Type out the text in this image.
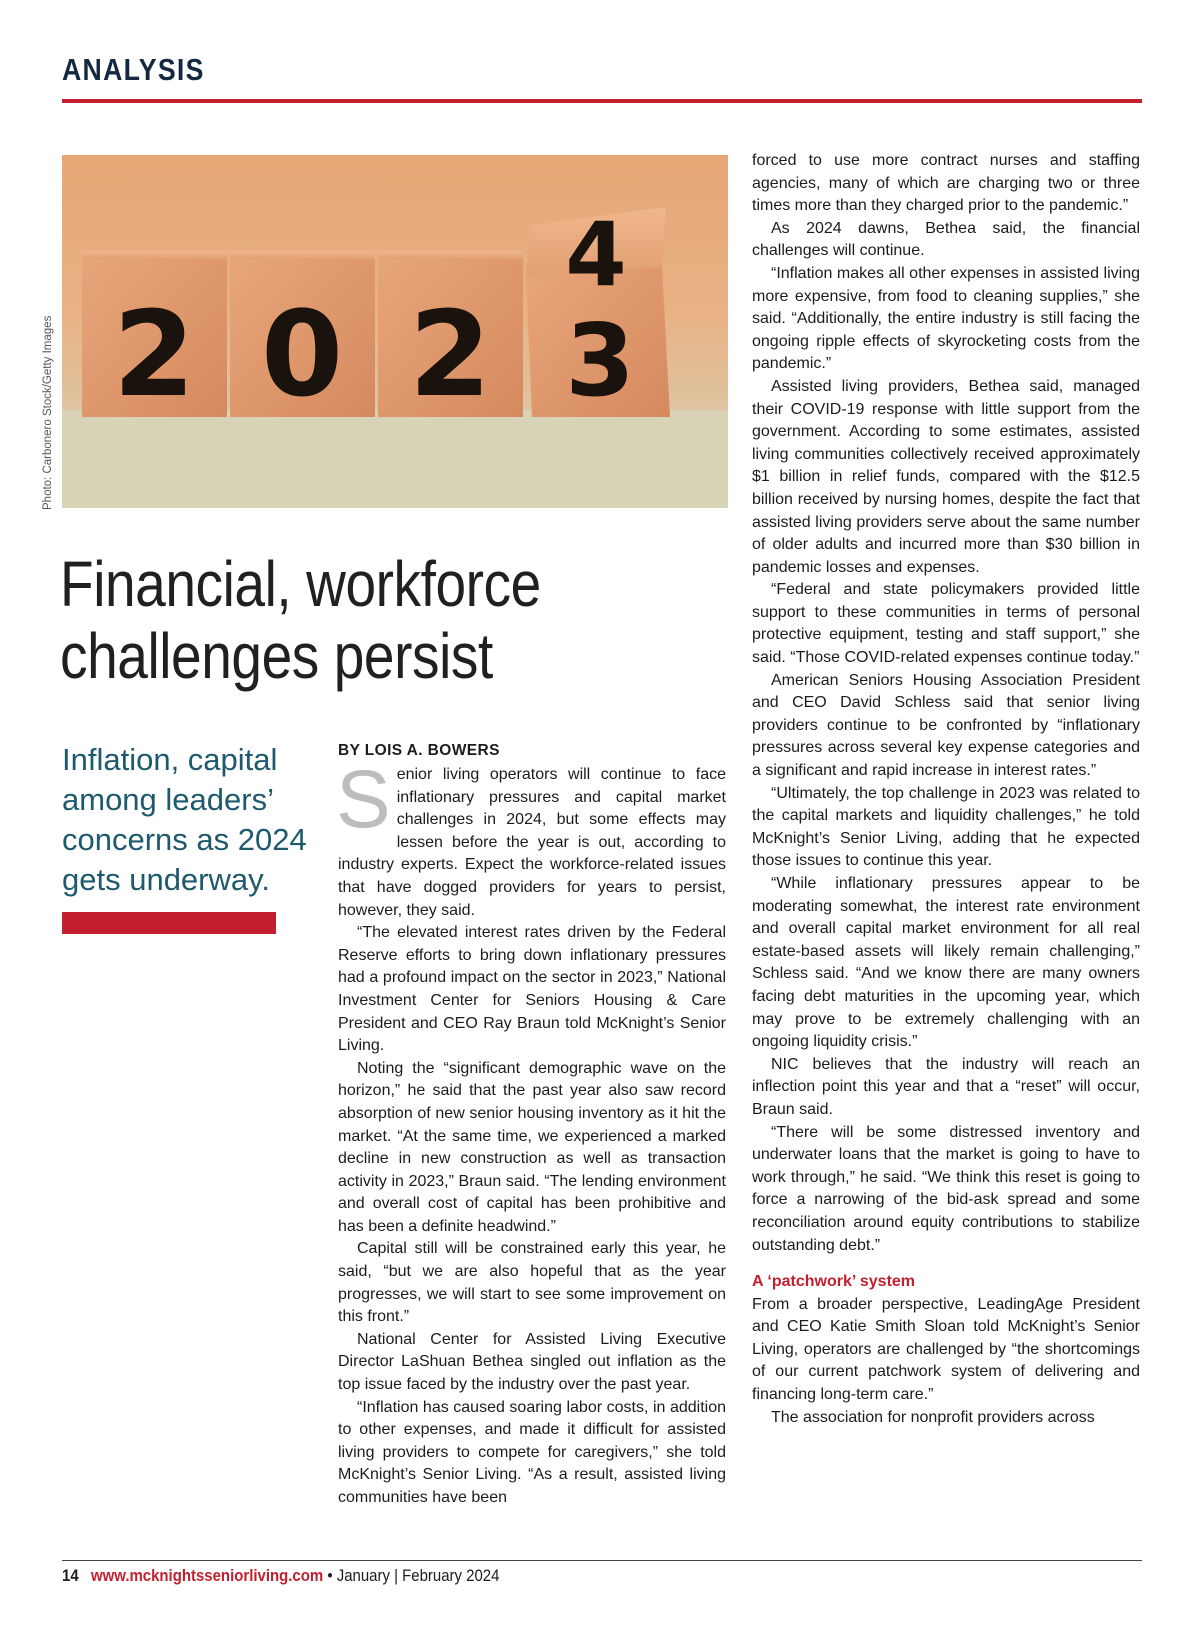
ANALYSIS
2 0 2 3
4
Photo: Carbonero Stock/Getty Images
Financial, workforce challenges persist
Inflation, capital among leaders’ concerns as 2024 gets underway.
BY LOIS A. BOWERS

Senior living operators will continue to face inflationary pressures and capital market challenges in 2024, but some effects may lessen before the year is out, according to industry experts. Expect the workforce-related issues that have dogged providers for years to persist, however, they said.

“The elevated interest rates driven by the Federal Reserve efforts to bring down inflationary pressures had a profound impact on the sector in 2023,” National Investment Center for Seniors Housing & Care President and CEO Ray Braun told McKnight’s Senior Living.

Noting the “significant demographic wave on the horizon,” he said that the past year also saw record absorption of new senior housing inventory as it hit the market. “At the same time, we experienced a marked decline in new construction as well as transaction activity in 2023,” Braun said. “The lending environment and overall cost of capital has been prohibitive and has been a definite headwind.”

Capital still will be constrained early this year, he said, “but we are also hopeful that as the year progresses, we will start to see some improvement on this front.”

National Center for Assisted Living Executive Director LaShuan Bethea singled out inflation as the top issue faced by the industry over the past year.

“Inflation has caused soaring labor costs, in addition to other expenses, and made it difficult for assisted living providers to compete for caregivers,” she told McKnight’s Senior Living. “As a result, assisted living communities have been

forced to use more contract nurses and staffing agencies, many of which are charging two or three times more than they charged prior to the pandemic.”

As 2024 dawns, Bethea said, the financial challenges will continue.

“Inflation makes all other expenses in assisted living more expensive, from food to cleaning supplies,” she said. “Additionally, the entire industry is still facing the ongoing ripple effects of skyrocketing costs from the pandemic.”

Assisted living providers, Bethea said, managed their COVID-19 response with little support from the government. According to some estimates, assisted living communities collectively received approximately $1 billion in relief funds, compared with the $12.5 billion received by nursing homes, despite the fact that assisted living providers serve about the same number of older adults and incurred more than $30 billion in pandemic losses and expenses.

“Federal and state policymakers provided little support to these communities in terms of personal protective equipment, testing and staff support,” she said. “Those COVID-related expenses continue today.”

American Seniors Housing Association President and CEO David Schless said that senior living providers continue to be confronted by “inflationary pressures across several key expense categories and a significant and rapid increase in interest rates.”

“Ultimately, the top challenge in 2023 was related to the capital markets and liquidity challenges,” he told McKnight’s Senior Living, adding that he expected those issues to continue this year.

“While inflationary pressures appear to be moderating somewhat, the interest rate environment and overall capital market environment for all real estate-based assets will likely remain challenging,” Schless said. “And we know there are many owners facing debt maturities in the upcoming year, which may prove to be extremely challenging with an ongoing liquidity crisis.”

NIC believes that the industry will reach an inflection point this year and that a “reset” will occur, Braun said.

“There will be some distressed inventory and underwater loans that the market is going to have to work through,” he said. “We think this reset is going to force a narrowing of the bid-ask spread and some reconciliation around equity contributions to stabilize outstanding debt.”

A ‘patchwork’ system

From a broader perspective, LeadingAge President and CEO Katie Smith Sloan told McKnight’s Senior Living, operators are challenged by “the shortcomings of our current patchwork system of delivering and financing long-term care.”

The association for nonprofit providers across

14 www.mcknightsseniorliving.com • January | February 2024
